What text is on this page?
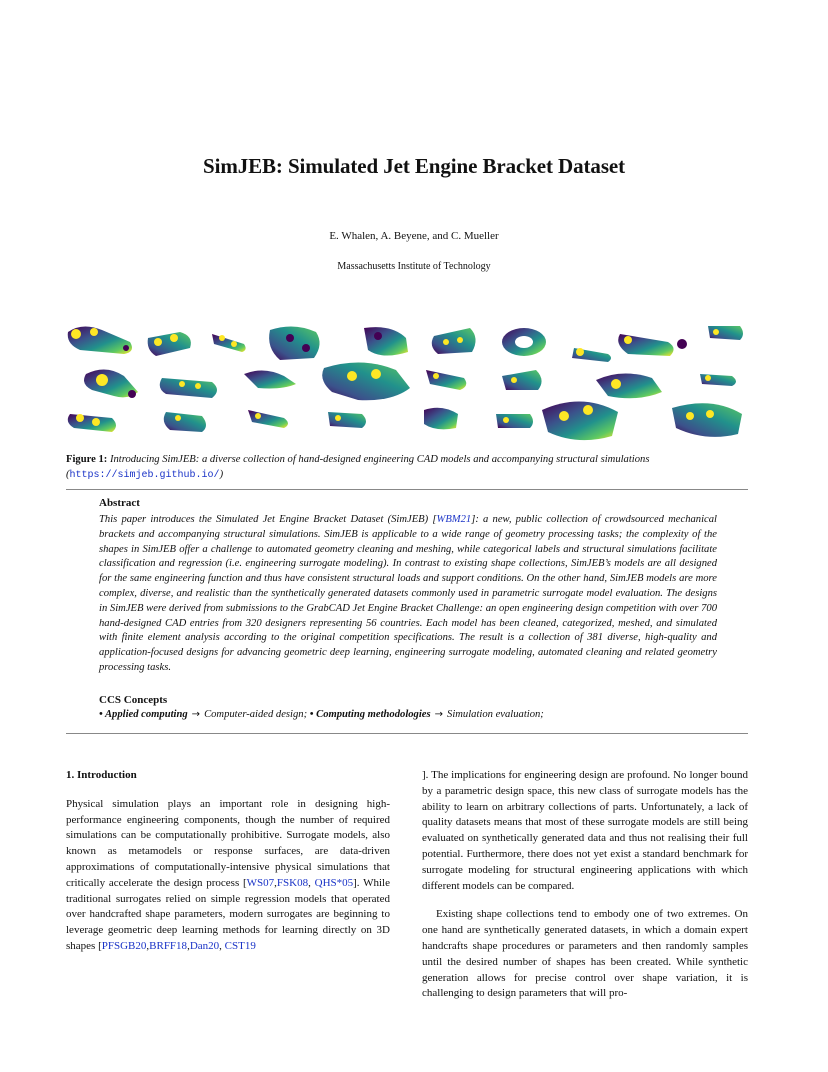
SimJEB: Simulated Jet Engine Bracket Dataset
E. Whalen, A. Beyene, and C. Mueller
Massachusetts Institute of Technology
Figure 1: Introducing SimJEB: a diverse collection of hand-designed engineering CAD models and accompanying structural simulations
(https://simjeb.github.io/)
Abstract
This paper introduces the Simulated Jet Engine Bracket Dataset (SimJEB) [WBM21]: a new, public collection of crowdsourced mechanical brackets and accompanying structural simulations. SimJEB is applicable to a wide range of geometry processing tasks; the complexity of the shapes in SimJEB offer a challenge to automated geometry cleaning and meshing, while categorical labels and structural simulations facilitate classification and regression (i.e. engineering surrogate modeling). In contrast to existing shape collections, SimJEB’s models are all designed for the same engineering function and thus have consistent structural loads and support conditions. On the other hand, SimJEB models are more complex, diverse, and realistic than the synthetically generated datasets commonly used in parametric surrogate model evaluation. The designs in SimJEB were derived from submissions to the GrabCAD Jet Engine Bracket Challenge: an open engineering design competition with over 700 hand-designed CAD entries from 320 designers representing 56 countries. Each model has been cleaned, categorized, meshed, and simulated with finite element analysis according to the original competition specifications. The result is a collection of 381 diverse, high-quality and application-focused designs for advancing geometric deep learning, engineering surrogate modeling, automated cleaning and related geometry processing tasks.
CCS Concepts
• Applied computing → Computer-aided design; • Computing methodologies → Simulation evaluation;
1. Introduction

Physical simulation plays an important role in designing high-performance engineering components, though the number of required simulations can be computationally prohibitive. Surrogate models, also known as metamodels or response surfaces, are data-driven approximations of computationally-intensive physical simulations that critically accelerate the design process [WS07,FSK08, QHS*05]. While traditional surrogates relied on simple regression models that operated over handcrafted shape parameters, modern surrogates are beginning to leverage geometric deep learning methods for learning directly on 3D shapes [PFSGB20,BRFF18,Dan20, CST19

]. The implications for engineering design are profound. No longer bound by a parametric design space, this new class of surrogate models has the ability to learn on arbitrary collections of parts. Unfortunately, a lack of quality datasets means that most of these surrogate models are still being evaluated on synthetically generated data and thus not realising their full potential. Furthermore, there does not yet exist a standard benchmark for surrogate modeling for structural engineering applications with which different models can be compared.

Existing shape collections tend to embody one of two extremes. On one hand are synthetically generated datasets, in which a domain expert handcrafts shape procedures or parameters and then randomly samples until the desired number of shapes has been created. While synthetic generation allows for precise control over shape variation, it is challenging to design parameters that will pro-
